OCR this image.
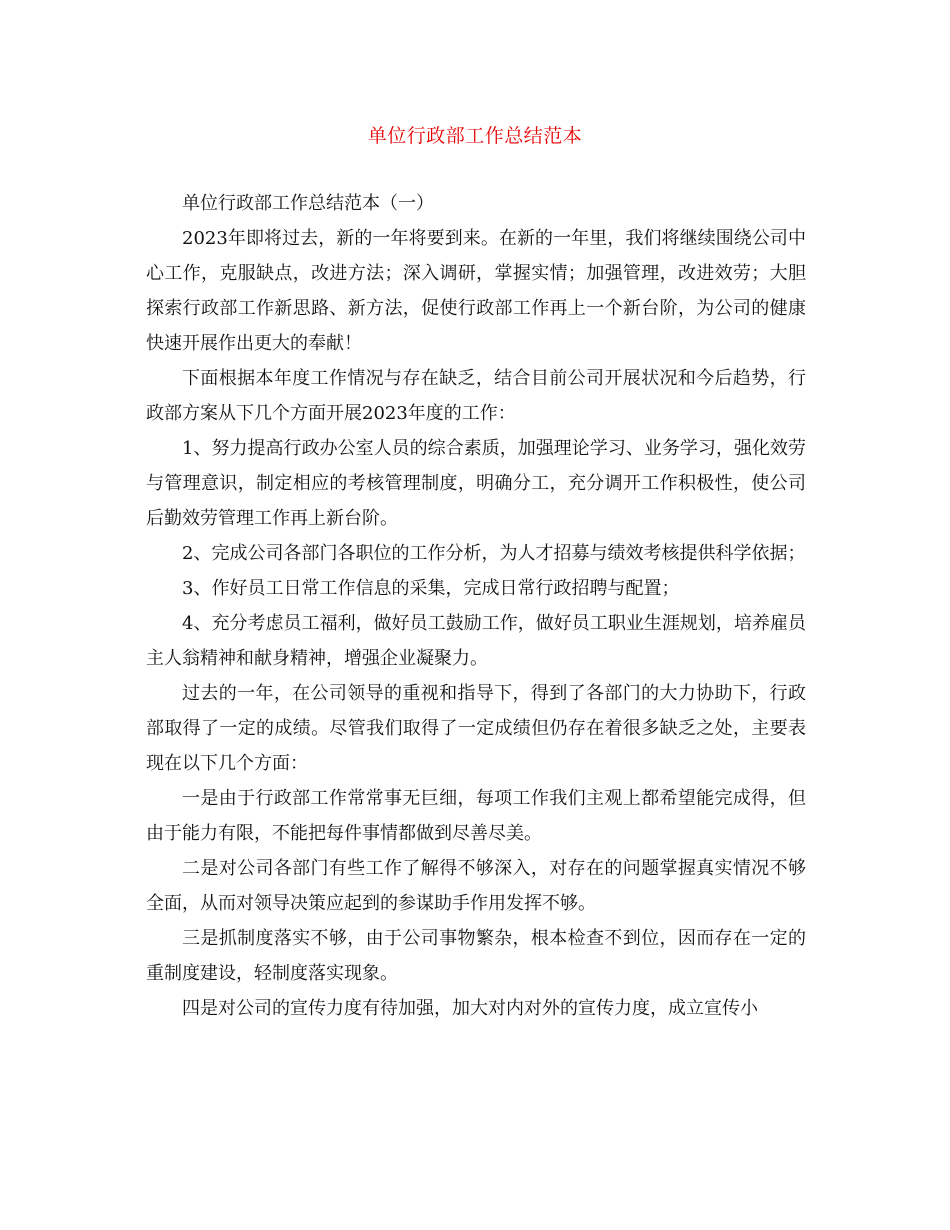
单位行政部工作总结范本

单位行政部工作总结范本（一）

2023年即将过去，新的一年将要到来。在新的一年里，我们将继续围绕公司中心工作，克服缺点，改进方法；深入调研，掌握实情；加强管理，改进效劳；大胆探索行政部工作新思路、新方法，促使行政部工作再上一个新台阶，为公司的健康快速开展作出更大的奉献！

下面根据本年度工作情况与存在缺乏，结合目前公司开展状况和今后趋势，行政部方案从下几个方面开展2023年度的工作：

1、努力提高行政办公室人员的综合素质，加强理论学习、业务学习，强化效劳与管理意识，制定相应的考核管理制度，明确分工，充分调开工作积极性，使公司后勤效劳管理工作再上新台阶。

2、完成公司各部门各职位的工作分析，为人才招募与绩效考核提供科学依据；

3、作好员工日常工作信息的采集，完成日常行政招聘与配置；

4、充分考虑员工福利，做好员工鼓励工作，做好员工职业生涯规划，培养雇员主人翁精神和献身精神，增强企业凝聚力。

过去的一年，在公司领导的重视和指导下，得到了各部门的大力协助下，行政部取得了一定的成绩。尽管我们取得了一定成绩但仍存在着很多缺乏之处，主要表现在以下几个方面：

一是由于行政部工作常常事无巨细，每项工作我们主观上都希望能完成得，但由于能力有限，不能把每件事情都做到尽善尽美。

二是对公司各部门有些工作了解得不够深入，对存在的问题掌握真实情况不够全面，从而对领导决策应起到的参谋助手作用发挥不够。

三是抓制度落实不够，由于公司事物繁杂，根本检查不到位，因而存在一定的重制度建设，轻制度落实现象。

四是对公司的宣传力度有待加强，加大对内对外的宣传力度，成立宣传小
